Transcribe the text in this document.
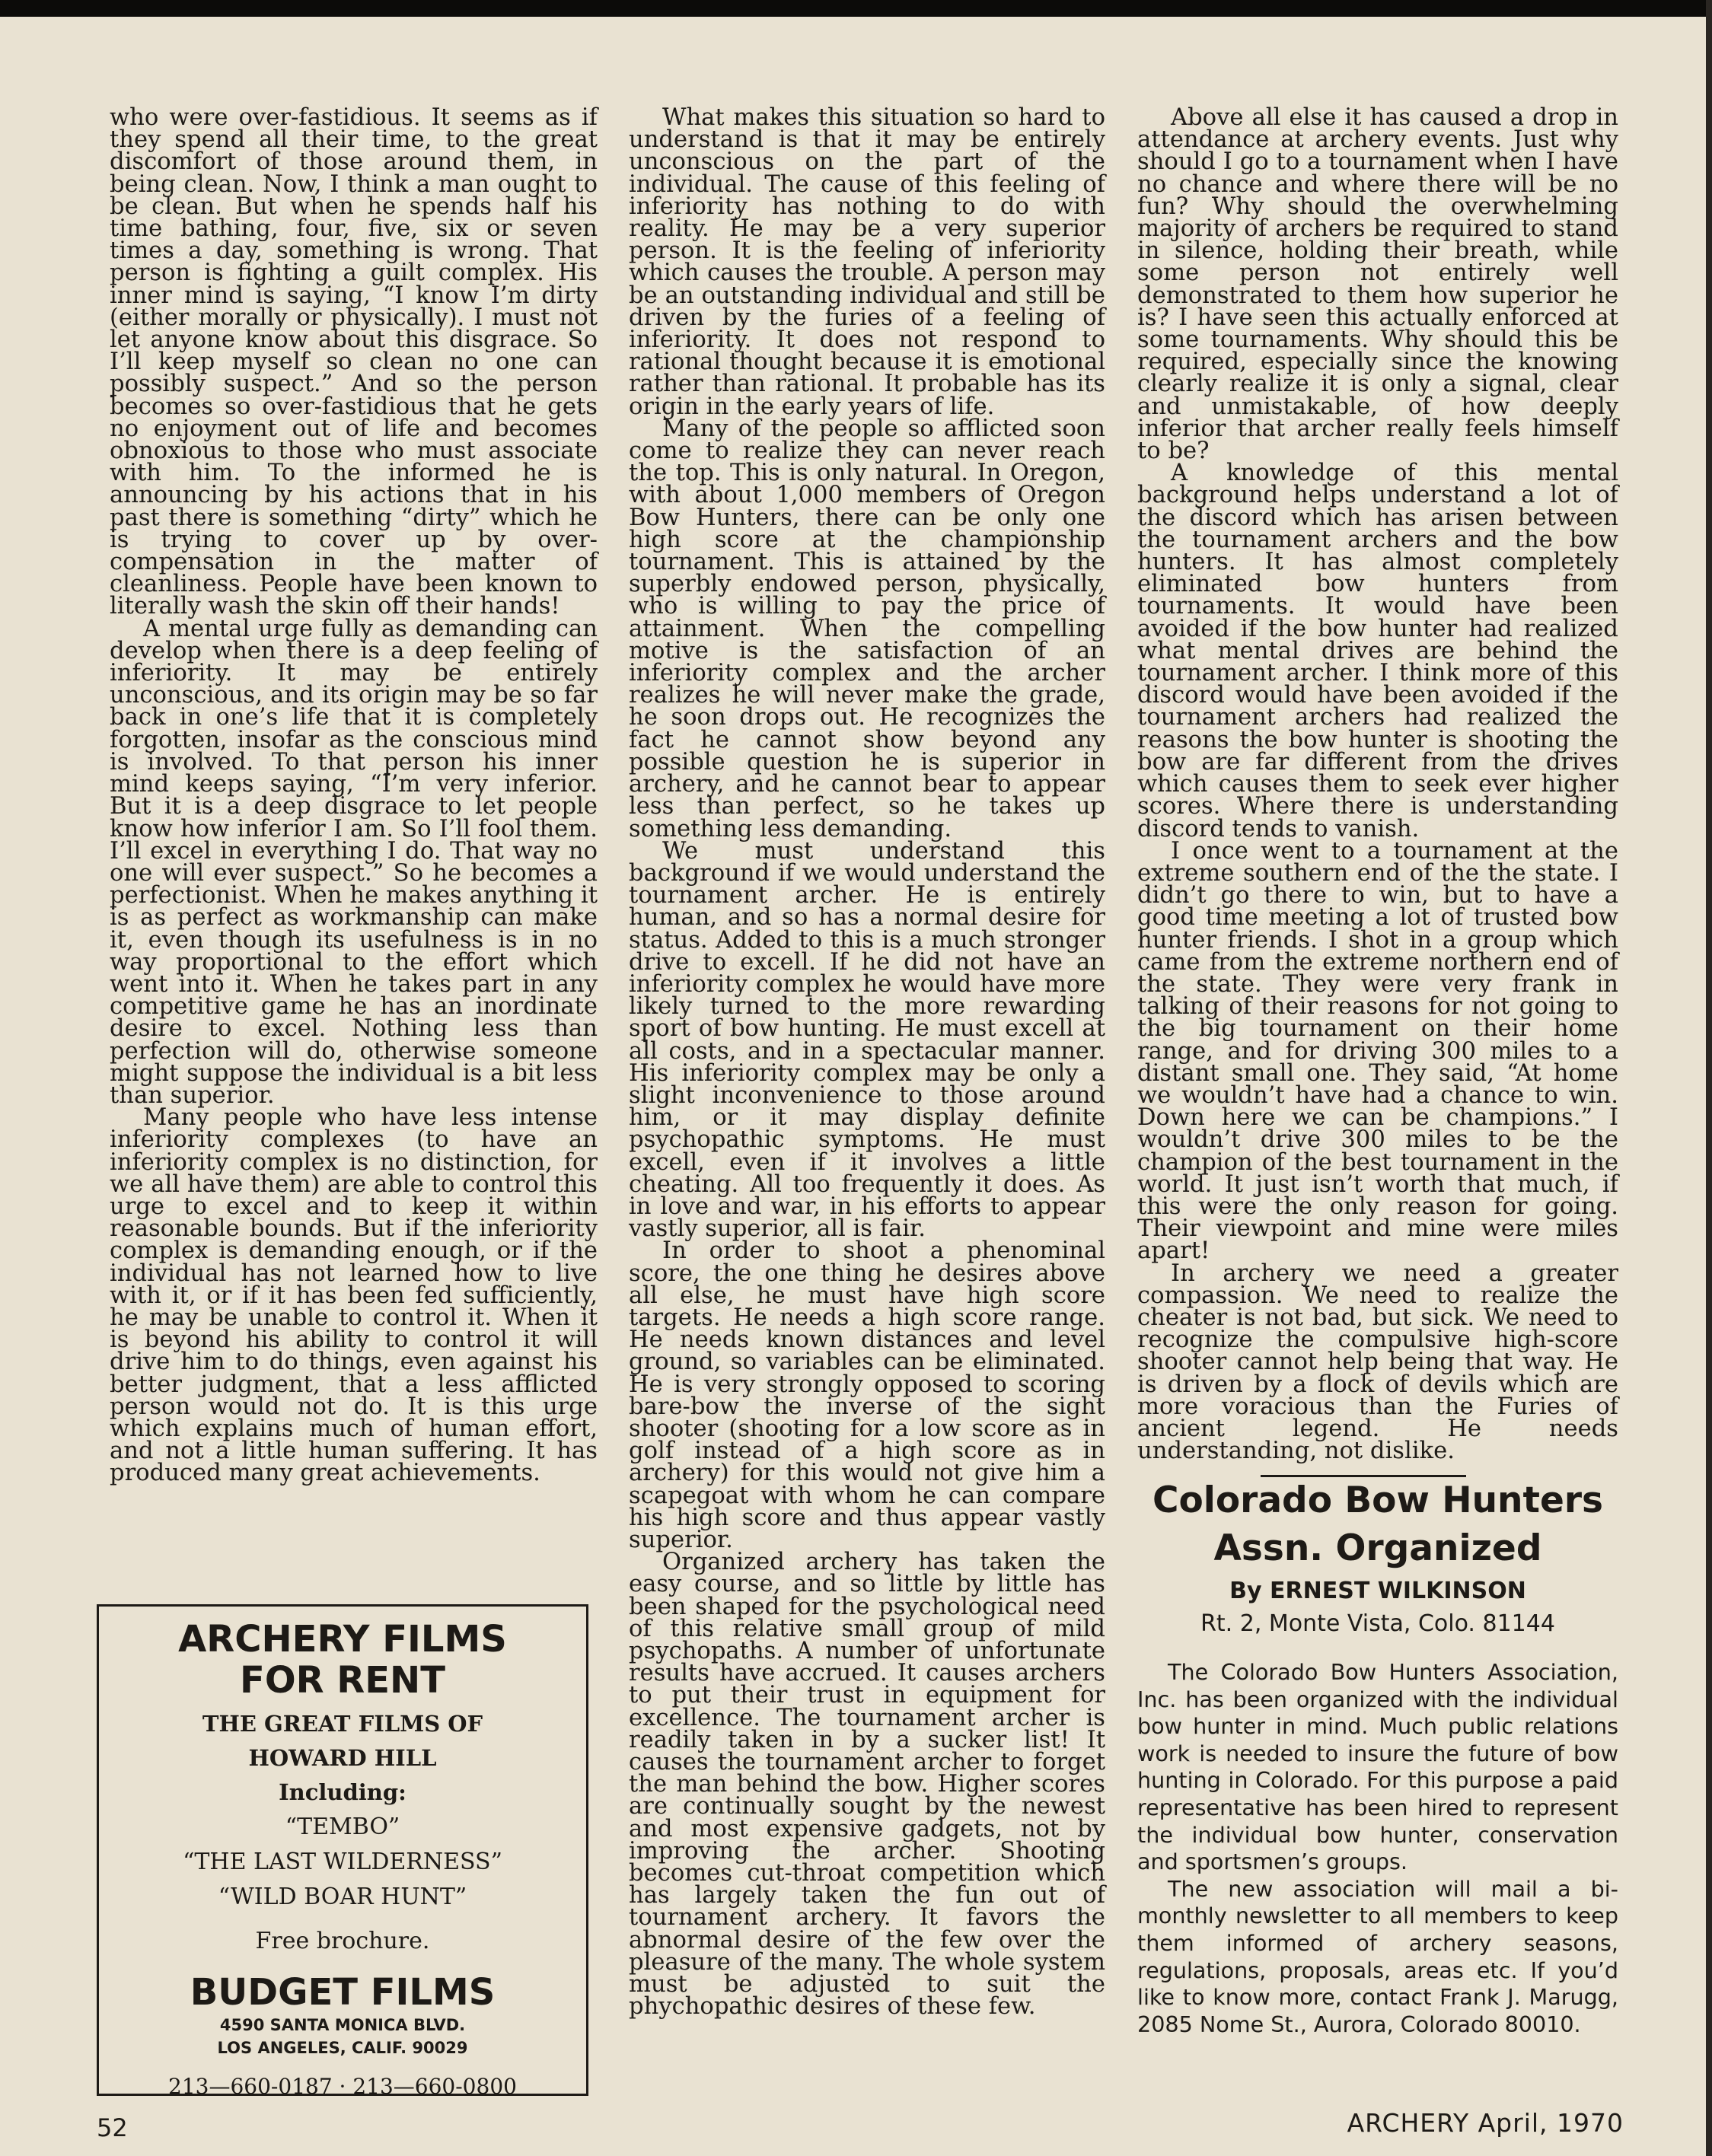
who were over-fastidious. It seems as if they spend all their time, to the great discomfort of those around them, in being clean. Now, I think a man ought to be clean. But when he spends half his time bathing, four, five, six or seven times a day, something is wrong. That person is fighting a guilt complex. His inner mind is saying, “I know I’m dirty (either morally or physically). I must not let anyone know about this disgrace. So I’ll keep myself so clean no one can possibly suspect.” And so the person becomes so over-fastidious that he gets no enjoyment out of life and becomes obnoxious to those who must associate with him. To the informed he is announcing by his actions that in his past there is something “dirty” which he is trying to cover up by over-compensation in the matter of cleanliness. People have been known to literally wash the skin off their hands!

A mental urge fully as demanding can develop when there is a deep feeling of inferiority. It may be entirely unconscious, and its origin may be so far back in one’s life that it is completely forgotten, insofar as the conscious mind is involved. To that person his inner mind keeps saying, “I’m very inferior. But it is a deep disgrace to let people know how inferior I am. So I’ll fool them. I’ll excel in everything I do. That way no one will ever suspect.” So he becomes a perfectionist. When he makes anything it is as perfect as workmanship can make it, even though its usefulness is in no way proportional to the effort which went into it. When he takes part in any competitive game he has an inordinate desire to excel. Nothing less than perfection will do, otherwise someone might suppose the individual is a bit less than superior.

Many people who have less intense inferiority complexes (to have an inferiority complex is no distinction, for we all have them) are able to control this urge to excel and to keep it within reasonable bounds. But if the inferiority complex is demanding enough, or if the individual has not learned how to live with it, or if it has been fed sufficiently, he may be unable to control it. When it is beyond his ability to control it will drive him to do things, even against his better judgment, that a less afflicted person would not do. It is this urge which explains much of human effort, and not a little human suffering. It has produced many great achievements.

What makes this situation so hard to understand is that it may be entirely unconscious on the part of the individual. The cause of this feeling of inferiority has nothing to do with reality. He may be a very superior person. It is the feeling of inferiority which causes the trouble. A person may be an outstanding individual and still be driven by the furies of a feeling of inferiority. It does not respond to rational thought because it is emotional rather than rational. It probable has its origin in the early years of life.

Many of the people so afflicted soon come to realize they can never reach the top. This is only natural. In Oregon, with about 1,000 members of Oregon Bow Hunters, there can be only one high score at the championship tournament. This is attained by the superbly endowed person, physically, who is willing to pay the price of attainment. When the compelling motive is the satisfaction of an inferiority complex and the archer realizes he will never make the grade, he soon drops out. He recognizes the fact he cannot show beyond any possible question he is superior in archery, and he cannot bear to appear less than perfect, so he takes up something less demanding.

We must understand this background if we would understand the tournament archer. He is entirely human, and so has a normal desire for status. Added to this is a much stronger drive to excell. If he did not have an inferiority complex he would have more likely turned to the more rewarding sport of bow hunting. He must excell at all costs, and in a spectacular manner. His inferiority complex may be only a slight inconvenience to those around him, or it may display definite psychopathic symptoms. He must excell, even if it involves a little cheating. All too frequently it does. As in love and war, in his efforts to appear vastly superior, all is fair.

In order to shoot a phenominal score, the one thing he desires above all else, he must have high score targets. He needs a high score range. He needs known distances and level ground, so variables can be eliminated. He is very strongly opposed to scoring bare-bow the inverse of the sight shooter (shooting for a low score as in golf instead of a high score as in archery) for this would not give him a scapegoat with whom he can compare his high score and thus appear vastly superior.

Organized archery has taken the easy course, and so little by little has been shaped for the psychological need of this relative small group of mild psychopaths. A number of unfortunate results have accrued. It causes archers to put their trust in equipment for excellence. The tournament archer is readily taken in by a sucker list! It causes the tournament archer to forget the man behind the bow. Higher scores are continually sought by the newest and most expensive gadgets, not by improving the archer. Shooting becomes cut-throat competition which has largely taken the fun out of tournament archery. It favors the abnormal desire of the few over the pleasure of the many. The whole system must be adjusted to suit the phychopathic desires of these few.

Above all else it has caused a drop in attendance at archery events. Just why should I go to a tournament when I have no chance and where there will be no fun? Why should the overwhelming majority of archers be required to stand in silence, holding their breath, while some person not entirely well demonstrated to them how superior he is? I have seen this actually enforced at some tournaments. Why should this be required, especially since the knowing clearly realize it is only a signal, clear and unmistakable, of how deeply inferior that archer really feels himself to be?

A knowledge of this mental background helps understand a lot of the discord which has arisen between the tournament archers and the bow hunters. It has almost completely eliminated bow hunters from tournaments. It would have been avoided if the bow hunter had realized what mental drives are behind the tournament archer. I think more of this discord would have been avoided if the tournament archers had realized the reasons the bow hunter is shooting the bow are far different from the drives which causes them to seek ever higher scores. Where there is understanding discord tends to vanish.

I once went to a tournament at the extreme southern end of the the state. I didn’t go there to win, but to have a good time meeting a lot of trusted bow hunter friends. I shot in a group which came from the extreme northern end of the state. They were very frank in talking of their reasons for not going to the big tournament on their home range, and for driving 300 miles to a distant small one. They said, “At home we wouldn’t have had a chance to win. Down here we can be champions.” I wouldn’t drive 300 miles to be the champion of the best tournament in the world. It just isn’t worth that much, if this were the only reason for going. Their viewpoint and mine were miles apart!

In archery we need a greater compassion. We need to realize the cheater is not bad, but sick. We need to recognize the compulsive high-score shooter cannot help being that way. He is driven by a flock of devils which are more voracious than the Furies of ancient legend. He needs understanding, not dislike.

ARCHERY FILMS
FOR RENT
THE GREAT FILMS OF
HOWARD HILL
Including:
“TEMBO”
“THE LAST WILDERNESS”
“WILD BOAR HUNT”
Free brochure.
BUDGET FILMS
4590 SANTA MONICA BLVD.
LOS ANGELES, CALIF. 90029
213—660-0187 · 213—660-0800
Colorado Bow Hunters
Assn. Organized
By ERNEST WILKINSON
Rt. 2, Monte Vista, Colo. 81144

The Colorado Bow Hunters Association, Inc. has been organized with the individual bow hunter in mind. Much public relations work is needed to insure the future of bow hunting in Colorado. For this purpose a paid representative has been hired to represent the individual bow hunter, conservation and sportsmen’s groups.

The new association will mail a bi-monthly newsletter to all members to keep them informed of archery seasons, regulations, proposals, areas etc. If you’d like to know more, contact Frank J. Marugg, 2085 Nome St., Aurora, Colorado 80010.

52	ARCHERY April, 1970
